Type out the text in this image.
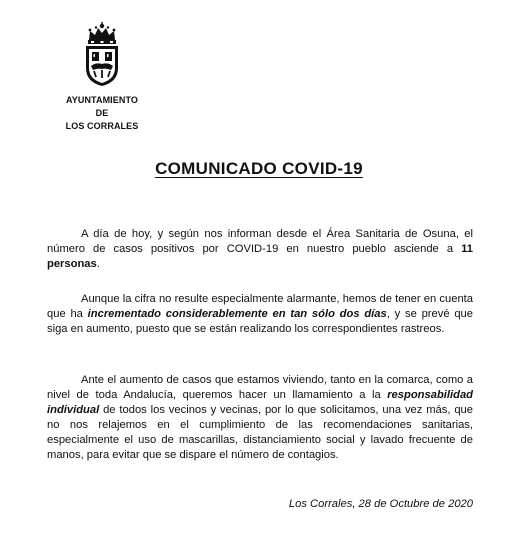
AYUNTAMIENTO
DE
LOS CORRALES
COMUNICADO COVID-19

A día de hoy, y según nos informan desde el Área Sanitaria de Osuna, el número de casos positivos por COVID-19 en nuestro pueblo asciende a 11 personas.

Aunque la cifra no resulte especialmente alarmante, hemos de tener en cuenta que ha incrementado considerablemente en tan sólo dos días, y se prevé que siga en aumento, puesto que se están realizando los correspondientes rastreos.

Ante el aumento de casos que estamos viviendo, tanto en la comarca, como a nivel de toda Andalucía, queremos hacer un llamamiento a la responsabilidad individual de todos los vecinos y vecinas, por lo que solicitamos, una vez más, que no nos relajemos en el cumplimiento de las recomendaciones sanitarias, especialmente el uso de mascarillas, distanciamiento social y lavado frecuente de manos, para evitar que se dispare el número de contagios.

Los Corrales, 28 de Octubre de 2020
